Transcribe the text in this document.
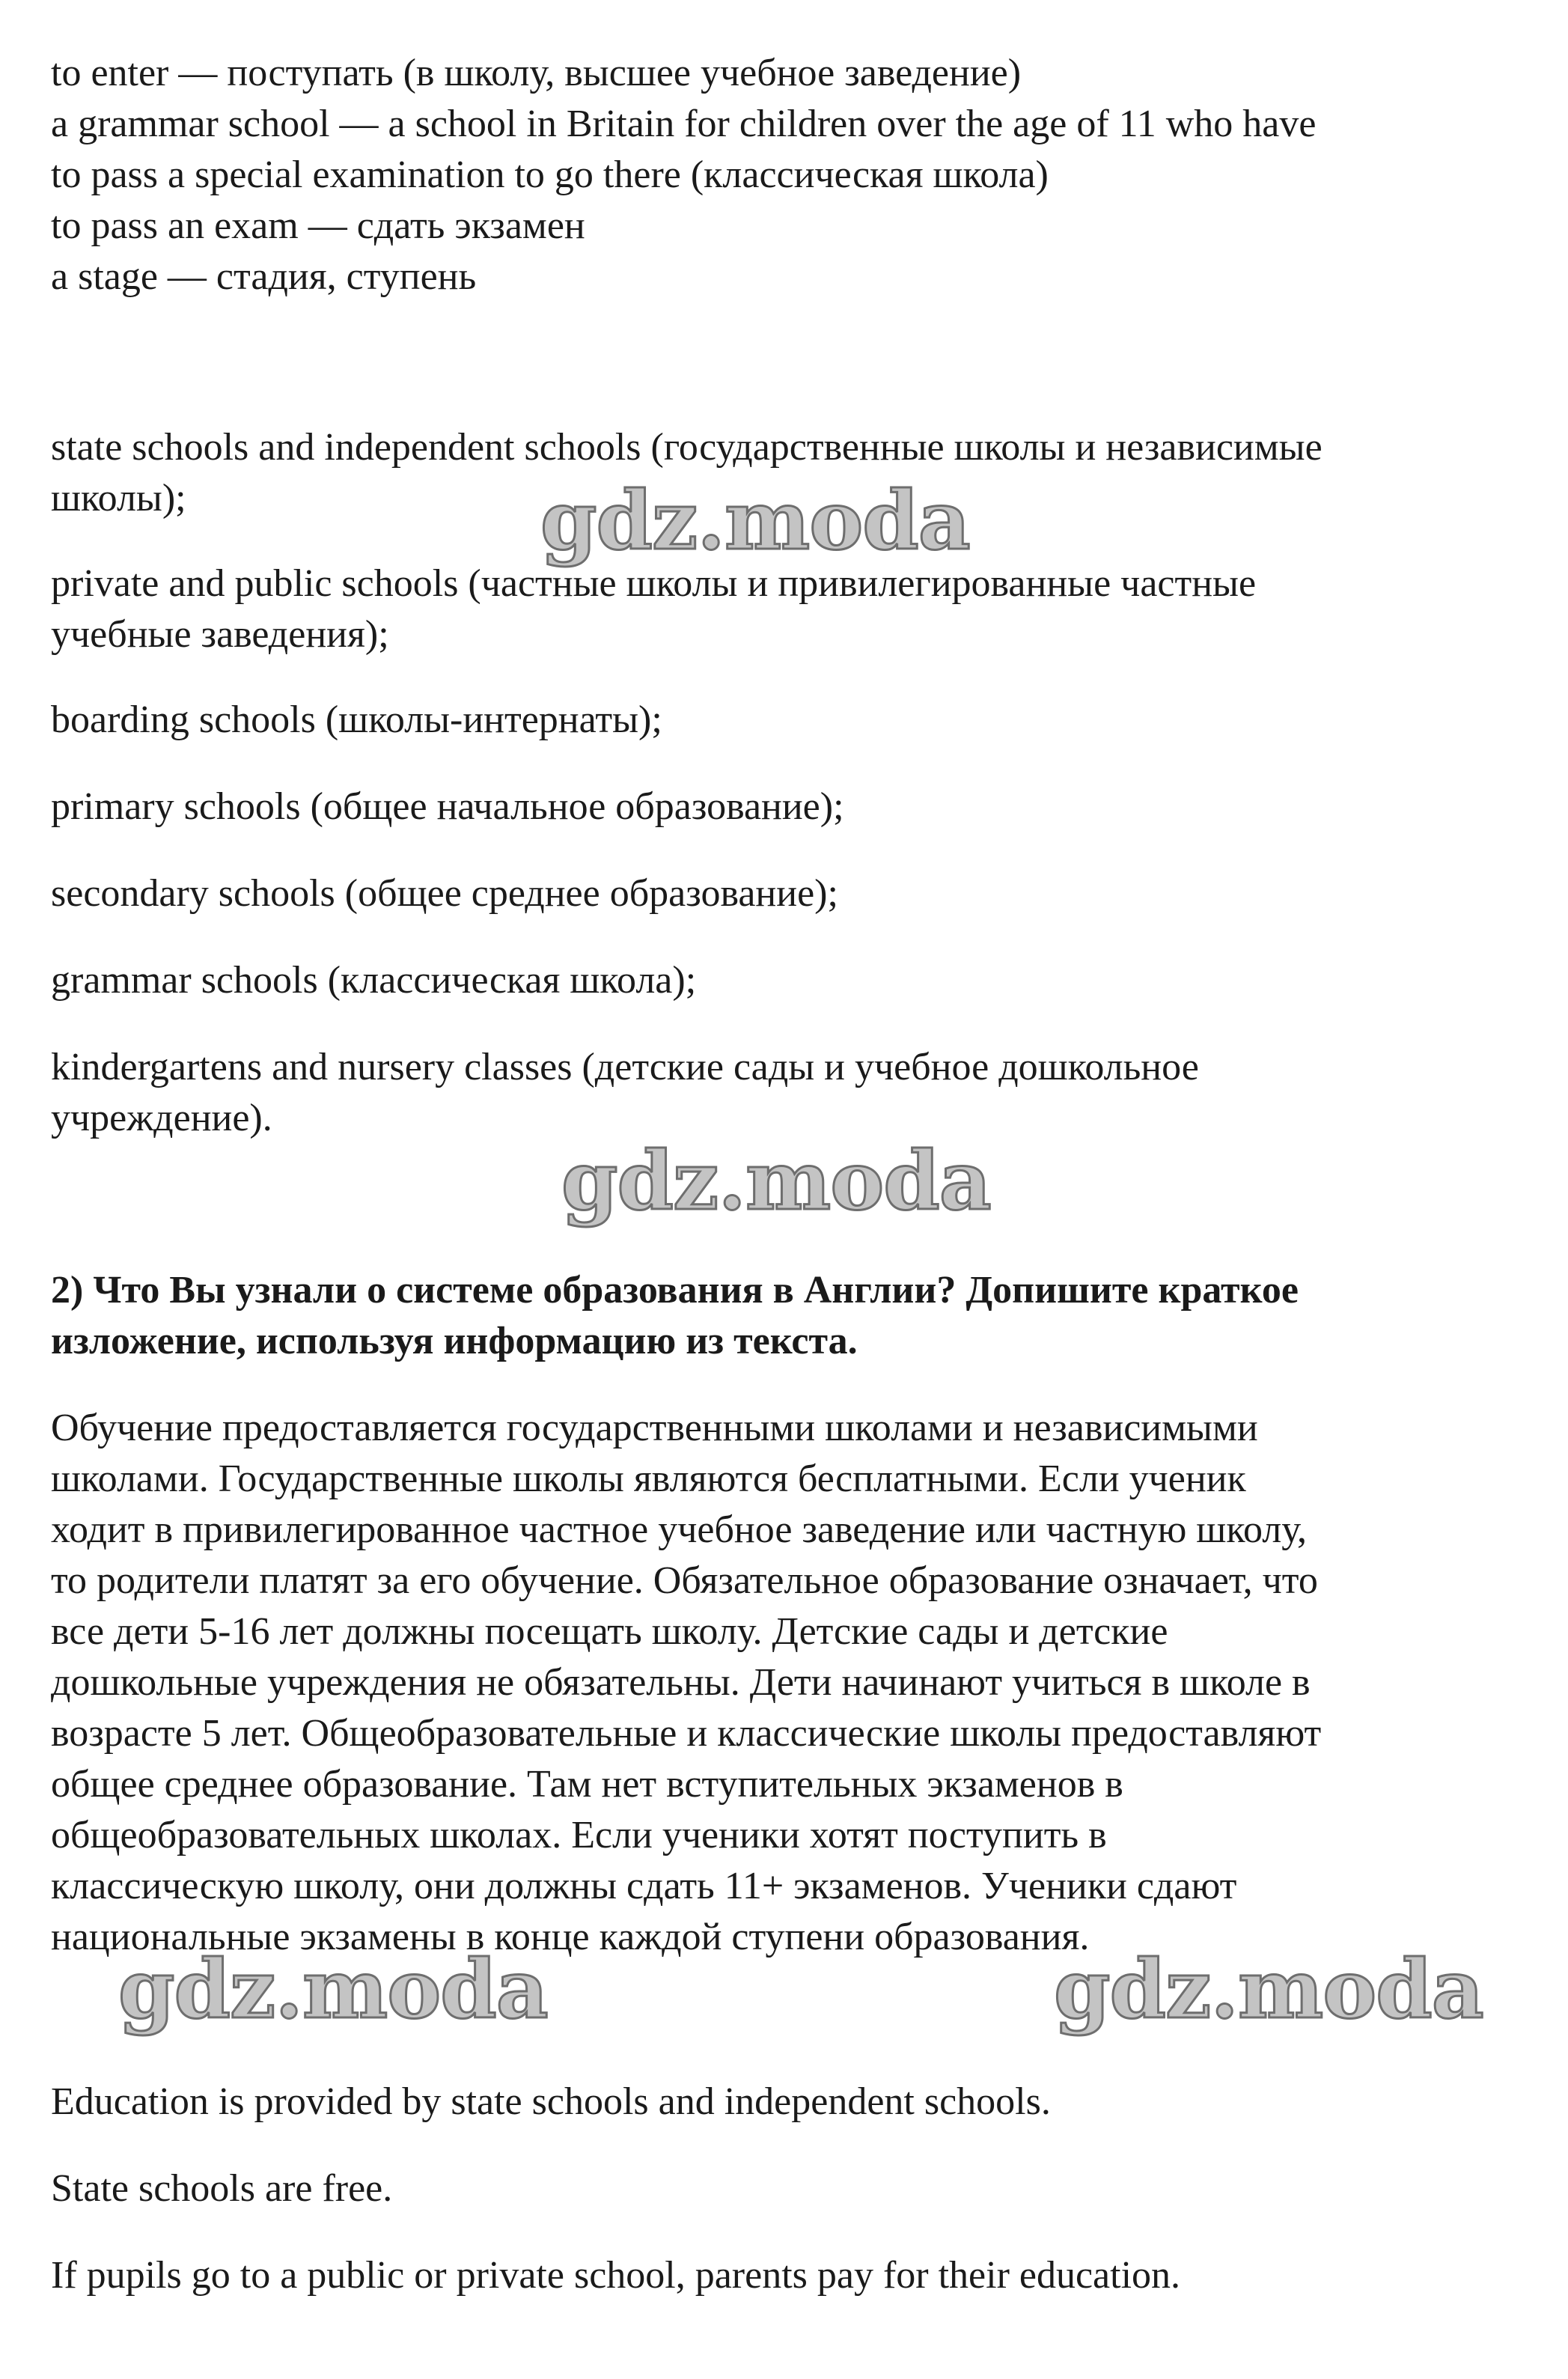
to enter — поступать (в школу, высшее учебное заведение)
a grammar school — a school in Britain for children over the age of 11 who have
to pass a special examination to go there (классическая школа)
to pass an exam — сдать экзамен
a stage — стадия, ступень
state schools and independent schools (государственные школы и независимые
школы);
private and public schools (частные школы и привилегированные частные
учебные заведения);
boarding schools (школы-интернаты);
primary schools (общее начальное образование);
secondary schools (общее среднее образование);
grammar schools (классическая школа);
kindergartens and nursery classes (детские сады и учебное дошкольное
учреждение).
2) Что Вы узнали о системе образования в Англии? Допишите краткое
изложение, используя информацию из текста.
Обучение предоставляется государственными школами и независимыми
школами. Государственные школы являются бесплатными. Если ученик
ходит в привилегированное частное учебное заведение или частную школу,
то родители платят за его обучение. Обязательное образование означает, что
все дети 5-16 лет должны посещать школу. Детские сады и детские
дошкольные учреждения не обязательны. Дети начинают учиться в школе в
возрасте 5 лет. Общеобразовательные и классические школы предоставляют
общее среднее образование. Там нет вступительных экзаменов в
общеобразовательных школах. Если ученики хотят поступить в
классическую школу, они должны сдать 11+ экзаменов. Ученики сдают
национальные экзамены в конце каждой ступени образования.
Education is provided by state schools and independent schools.
State schools are free.
If pupils go to a public or private school, parents pay for their education.
gdz.moda
gdz.moda
gdz.moda	gdz.moda
